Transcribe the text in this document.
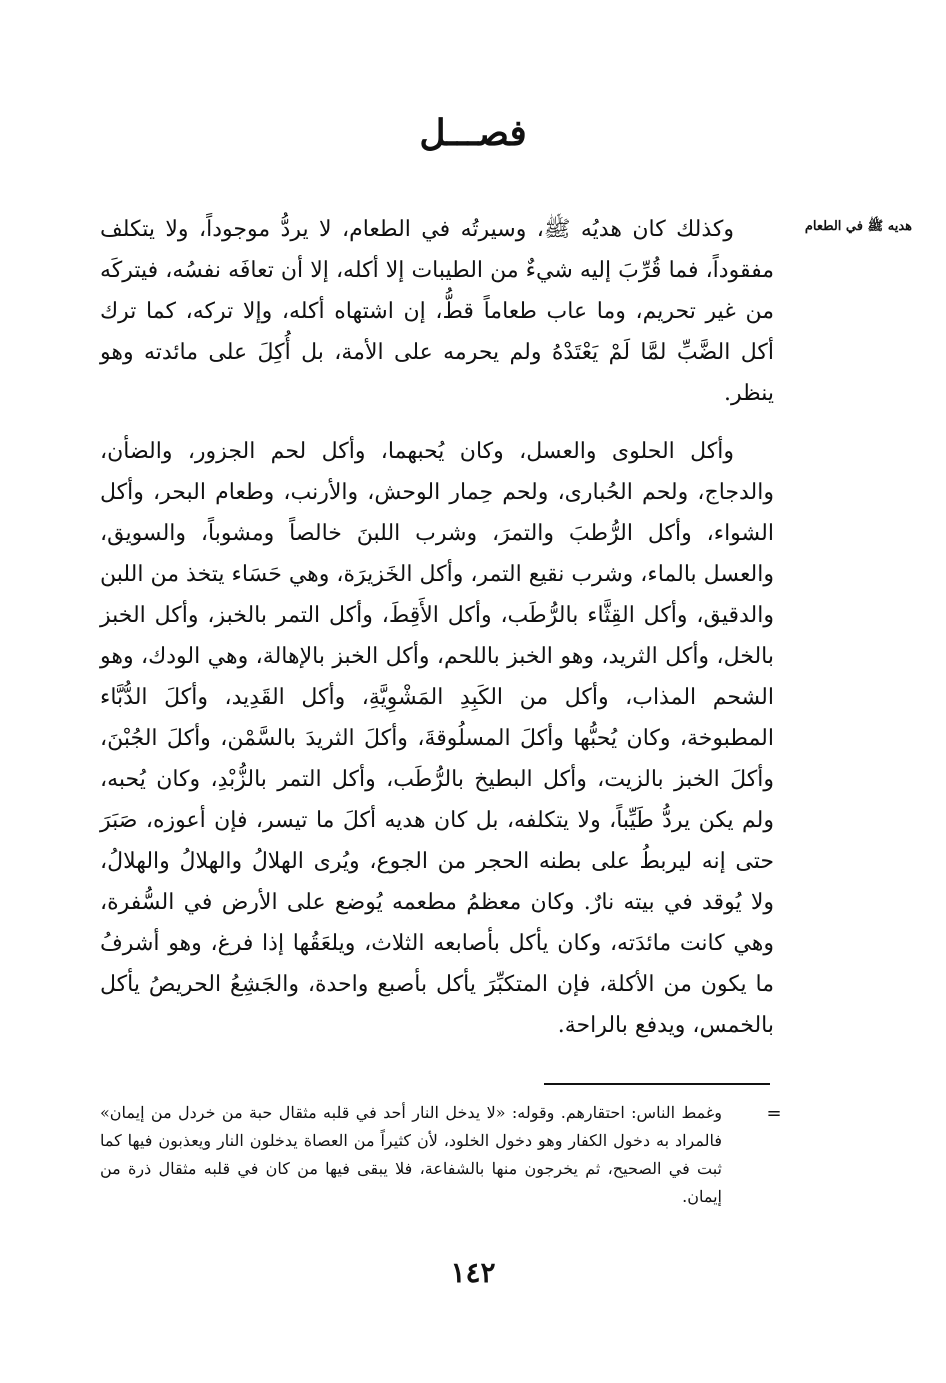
فصـــل
هديه ﷺ في الطعام

وكذلك كان هديُه ﷺ، وسيرتُه في الطعام، لا يردُّ موجوداً، ولا يتكلف مفقوداً، فما قُرِّبَ إليه شيءٌ من الطيبات إلا أكله، إلا أن تعافَه نفسُه، فيتركَه من غير تحريم، وما عاب طعاماً قطُّ، إن اشتهاه أكله، وإلا تركه، كما ترك أكل الضَّبِّ لمَّا لَمْ يَعْتَدْهُ ولم يحرمه على الأمة، بل أُكِلَ على مائدته وهو ينظر.

وأكل الحلوى والعسل، وكان يُحبهما، وأكل لحم الجزور، والضأن، والدجاج، ولحم الحُبارى، ولحم حِمار الوحش، والأرنب، وطعام البحر، وأكل الشواء، وأكل الرُّطبَ والتمرَ، وشرب اللبنَ خالصاً ومشوباً، والسويق، والعسل بالماء، وشرب نقيع التمر، وأكل الخَزيرَة، وهي حَسَاء يتخذ من اللبن والدقيق، وأكل القِثَّاء بالرُّطَب، وأكل الأَقِطَ، وأكل التمر بالخبز، وأكل الخبز بالخل، وأكل الثريد، وهو الخبز باللحم، وأكل الخبز بالإهالة، وهي الودك، وهو الشحم المذاب، وأكل من الكَبِدِ المَشْوِيَّةِ، وأكل القَدِيد، وأكلَ الدُّبَّاء المطبوخة، وكان يُحبُّها وأكلَ المسلُوقةَ، وأكلَ الثريدَ بالسَّمْن، وأكلَ الجُبْنَ، وأكلَ الخبز بالزيت، وأكل البطيخ بالرُّطَب، وأكل التمر بالزُّبْدِ، وكان يُحبه، ولم يكن يردُّ طَيِّباً، ولا يتكلفه، بل كان هديه أكلَ ما تيسر، فإن أعوزه، صَبَرَ حتى إنه ليربطُ على بطنه الحجر من الجوع، ويُرى الهلالُ والهلالُ والهلالُ، ولا يُوقد في بيته نارٌ. وكان معظمُ مطعمه يُوضع على الأرض في السُّفرة، وهي كانت مائدَته، وكان يأكل بأصابعه الثلاث، ويلعَقُها إذا فرغ، وهو أشرفُ ما يكون من الأكلة، فإن المتكبِّرَ يأكل بأصبع واحدة، والجَشِعُ الحريصُ يأكل بالخمس، ويدفع بالراحة.

=

وغمط الناس: احتقارهم. وقوله: «لا يدخل النار أحد في قلبه مثقال حبة من خردل من إيمان» فالمراد به دخول الكفار وهو دخول الخلود، لأن كثيراً من العصاة يدخلون النار ويعذبون فيها كما ثبت في الصحيح، ثم يخرجون منها بالشفاعة، فلا يبقى فيها من كان في قلبه مثقال ذرة من إيمان.

١٤٢
